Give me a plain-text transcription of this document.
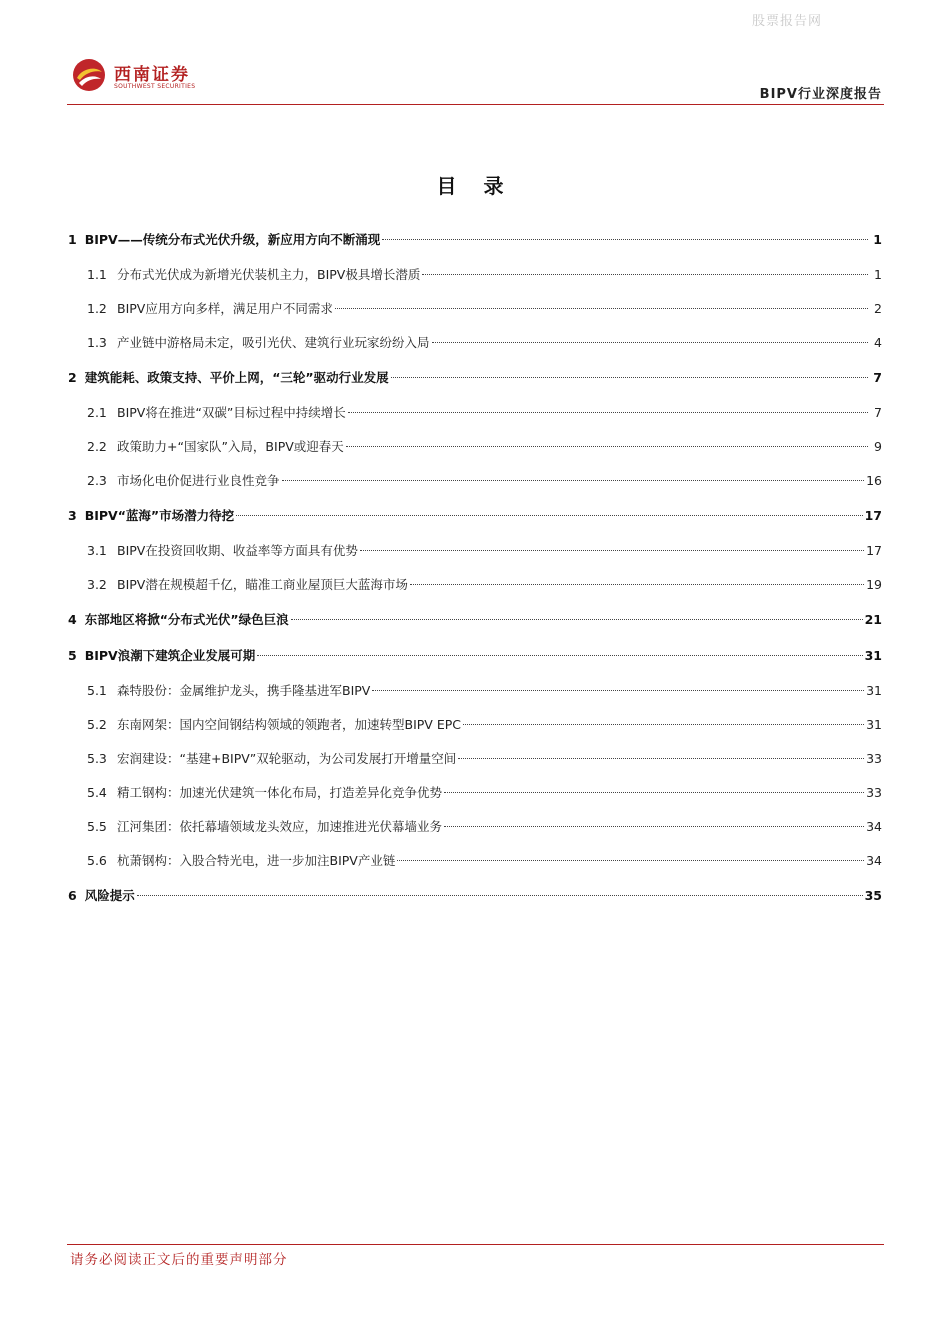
股票报告网
西南证券
SOUTHWEST SECURITIES
BIPV行业深度报告
目 录
1 BIPV——传统分布式光伏升级，新应用方向不断涌现	1
1.1 分布式光伏成为新增光伏装机主力，BIPV极具增长潜质	1
1.2 BIPV应用方向多样，满足用户不同需求	2
1.3 产业链中游格局未定，吸引光伏、建筑行业玩家纷纷入局	4
2 建筑能耗、政策支持、平价上网，“三轮”驱动行业发展	7
2.1 BIPV将在推进“双碳”目标过程中持续增长	7
2.2 政策助力+“国家队”入局，BIPV或迎春天	9
2.3 市场化电价促进行业良性竞争	16
3 BIPV“蓝海”市场潜力待挖	17
3.1 BIPV在投资回收期、收益率等方面具有优势	17
3.2 BIPV潜在规模超千亿，瞄准工商业屋顶巨大蓝海市场	19
4 东部地区将掀“分布式光伏”绿色巨浪	21
5 BIPV浪潮下建筑企业发展可期	31
5.1 森特股份：金属维护龙头，携手隆基进军BIPV	31
5.2 东南网架：国内空间钢结构领域的领跑者，加速转型BIPV EPC	31
5.3 宏润建设：“基建+BIPV”双轮驱动，为公司发展打开增量空间	33
5.4 精工钢构：加速光伏建筑一体化布局，打造差异化竞争优势	33
5.5 江河集团：依托幕墙领域龙头效应，加速推进光伏幕墙业务	34
5.6 杭萧钢构：入股合特光电，进一步加注BIPV产业链	34
6 风险提示	35
请务必阅读正文后的重要声明部分
